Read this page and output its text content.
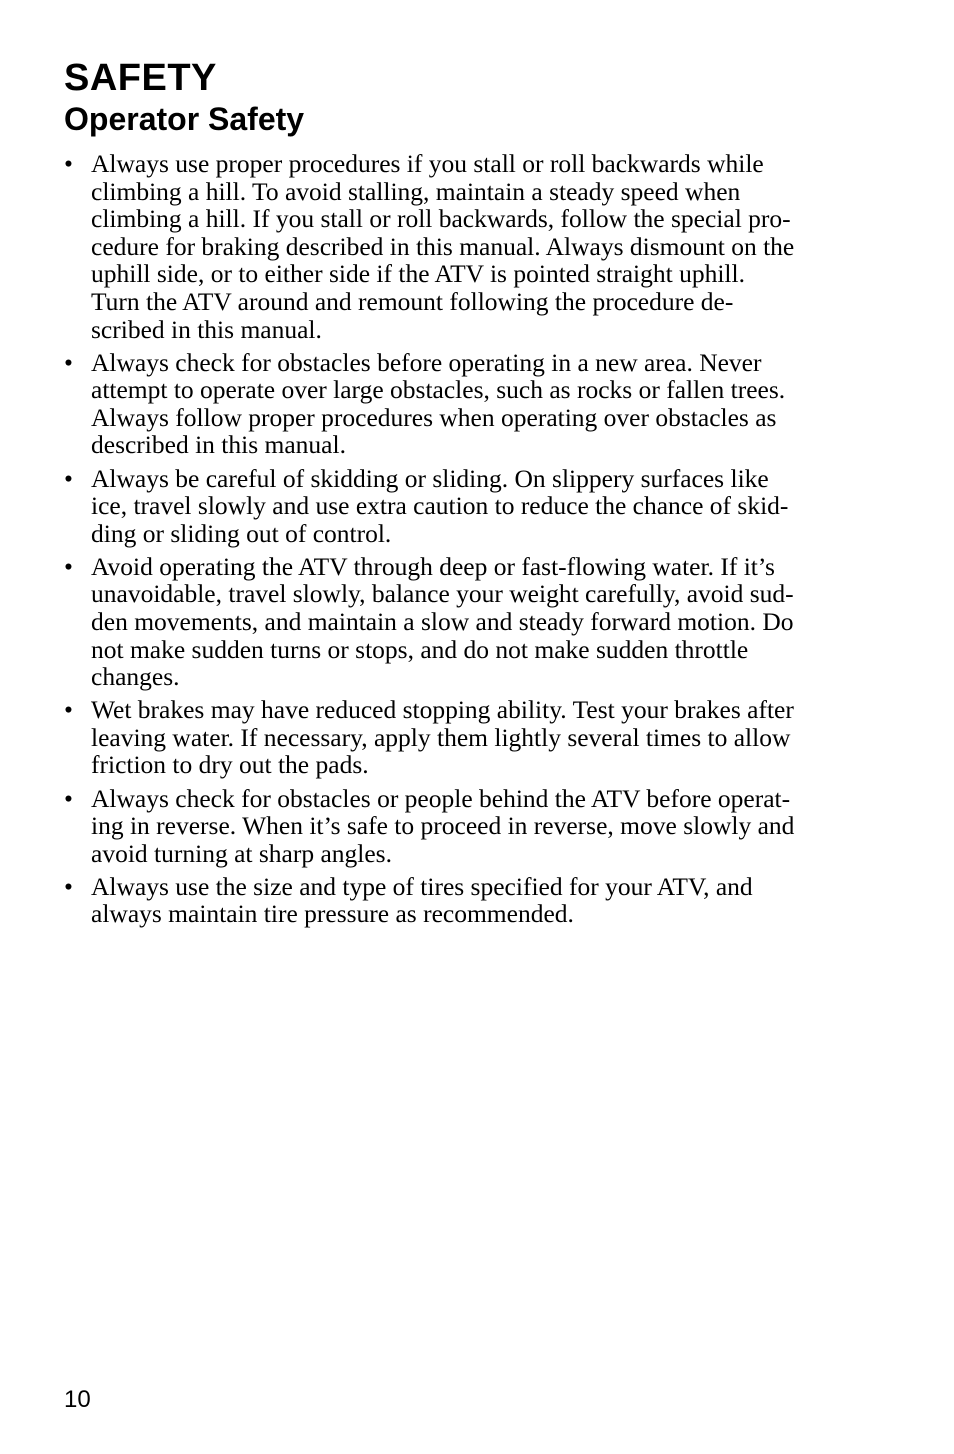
SAFETY
Operator Safety
• Always use proper procedures if you stall or roll backwards while
climbing a hill. To avoid stalling, maintain a steady speed when
climbing a hill. If you stall or roll backwards, follow the special pro-
cedure for braking described in this manual. Always dismount on the
uphill side, or to either side if the ATV is pointed straight uphill.
Turn the ATV around and remount following the procedure de-
scribed in this manual.
• Always check for obstacles before operating in a new area. Never
attempt to operate over large obstacles, such as rocks or fallen trees.
Always follow proper procedures when operating over obstacles as
described in this manual.
• Always be careful of skidding or sliding. On slippery surfaces like
ice, travel slowly and use extra caution to reduce the chance of skid-
ding or sliding out of control.
• Avoid operating the ATV through deep or fast-flowing water. If it’s
unavoidable, travel slowly, balance your weight carefully, avoid sud-
den movements, and maintain a slow and steady forward motion. Do
not make sudden turns or stops, and do not make sudden throttle
changes.
• Wet brakes may have reduced stopping ability. Test your brakes after
leaving water. If necessary, apply them lightly several times to allow
friction to dry out the pads.
• Always check for obstacles or people behind the ATV before operat-
ing in reverse. When it’s safe to proceed in reverse, move slowly and
avoid turning at sharp angles.
• Always use the size and type of tires specified for your ATV, and
always maintain tire pressure as recommended.
10
